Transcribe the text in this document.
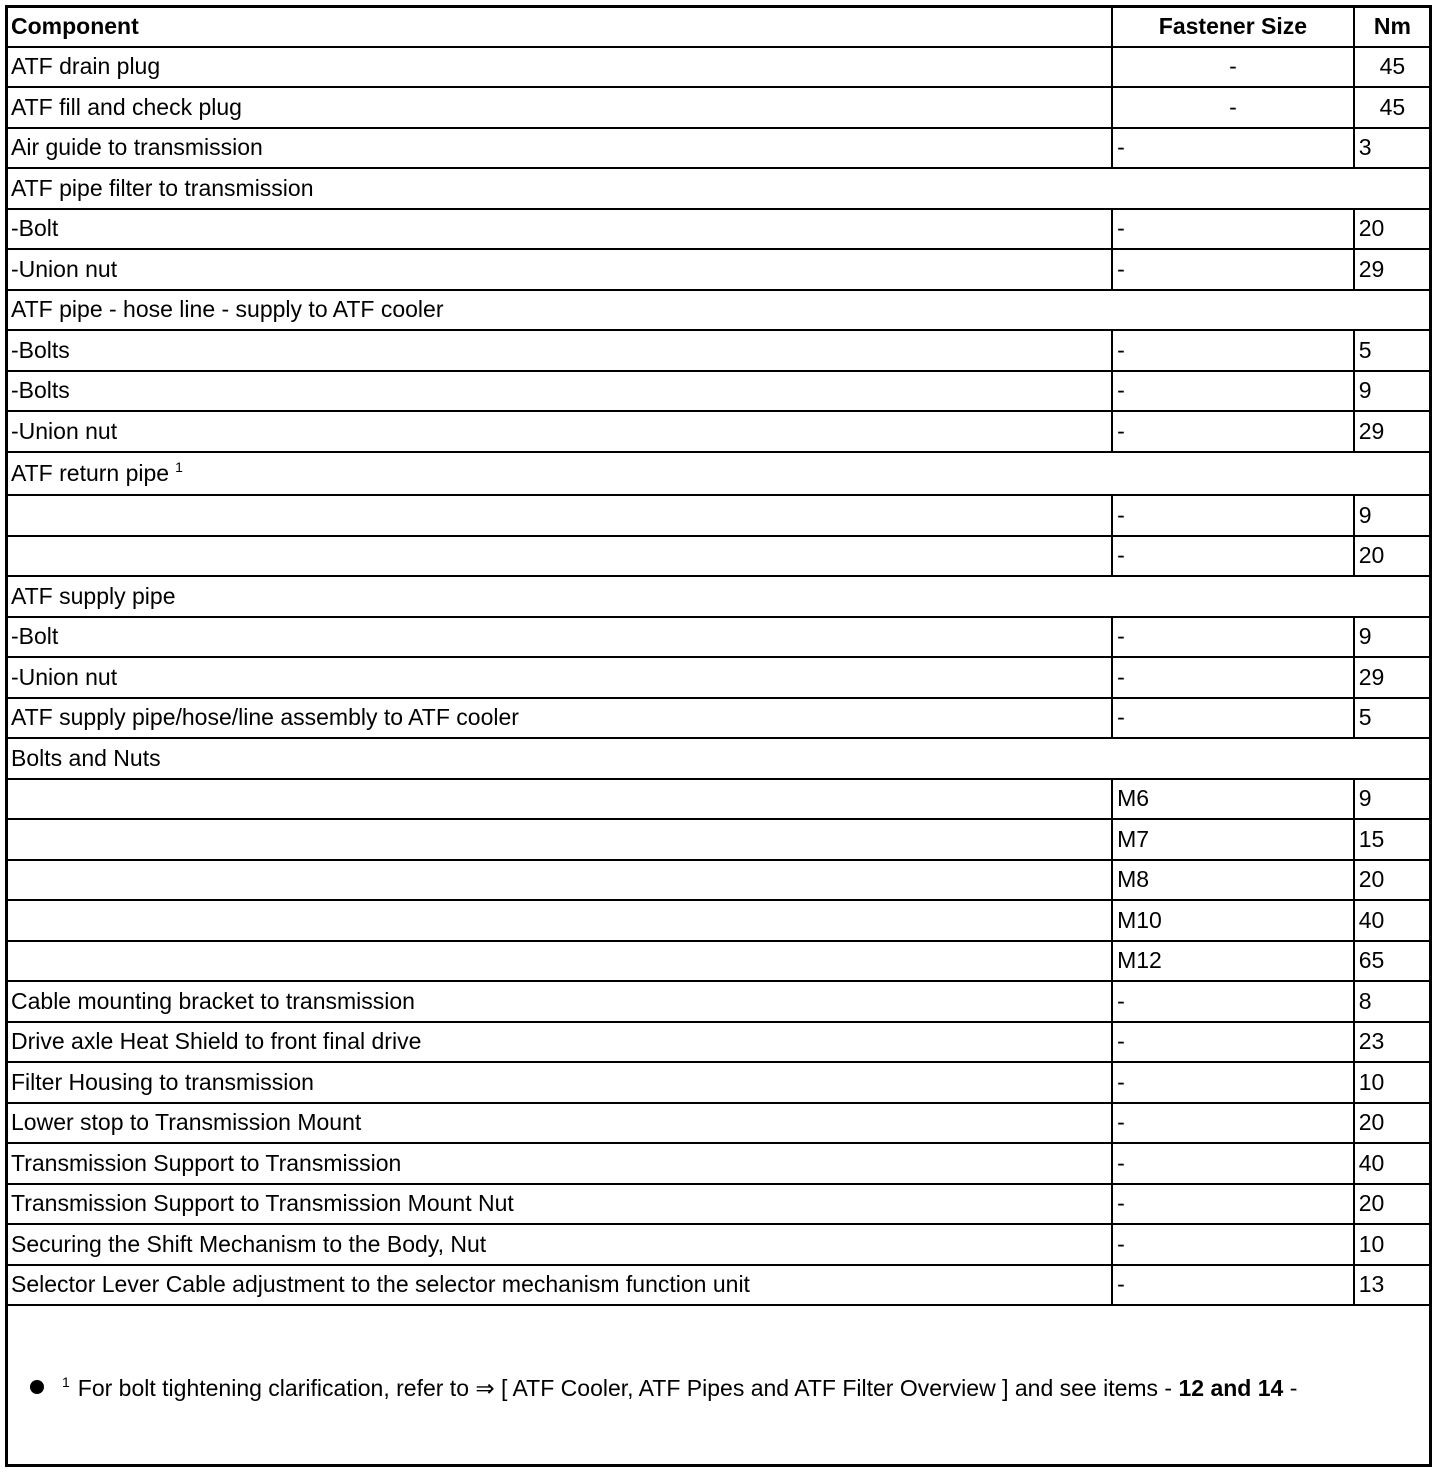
Component	Fastener Size	Nm
ATF drain plug	-	45
ATF fill and check plug	-	45
Air guide to transmission	-	3
ATF pipe filter to transmission		
-Bolt	-	20
-Union nut	-	29
ATF pipe - hose line - supply to ATF cooler		
-Bolts	-	5
-Bolts	-	9
-Union nut	-	29
ATF return pipe $^1$
	-	9
	-	20
ATF supply pipe		
-Bolt	-	9
-Union nut	-	29
ATF supply pipe/hose/line assembly to ATF cooler	-	5
Bolts and Nuts		
	M6	9
	M7	15
	M8	20
	M10	40
	M12	65
Cable mounting bracket to transmission	-	8
Drive axle Heat Shield to front final drive	-	23
Filter Housing to transmission	-	10
Lower stop to Transmission Mount	-	20
Transmission Support to Transmission	-	40
Transmission Support to Transmission Mount Nut	-	20
Securing the Shift Mechanism to the Body, Nut	-	10
Selector Lever Cable adjustment to the selector mechanism function unit	-	13
$^1$ For bolt tightening clarification, refer to ⇒ [ ATF Cooler, ATF Pipes and ATF Filter Overview ] and see items - 12 and 14 -
